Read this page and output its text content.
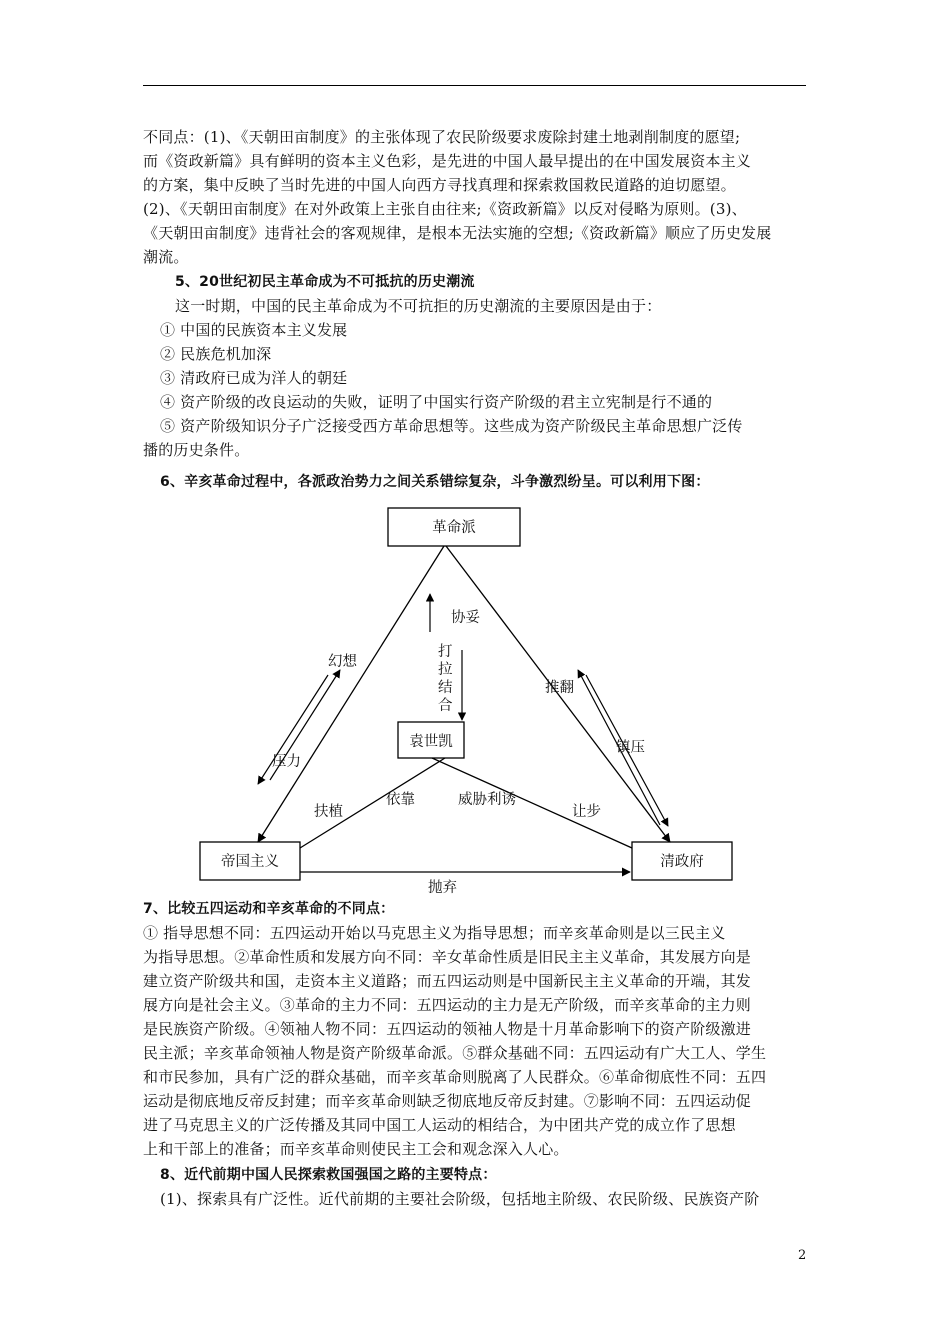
不同点：(1)、《天朝田亩制度》的主张体现了农民阶级要求废除封建土地剥削制度的愿望;
而《资政新篇》具有鲜明的资本主义色彩，是先进的中国人最早提出的在中国发展资本主义
的方案，集中反映了当时先进的中国人向西方寻找真理和探索救国救民道路的迫切愿望。
(2)、《天朝田亩制度》在对外政策上主张自由往来;《资政新篇》以反对侵略为原则。(3)、
《天朝田亩制度》违背社会的客观规律，是根本无法实施的空想;《资政新篇》顺应了历史发展
潮流。
5、20世纪初民主革命成为不可抵抗的历史潮流
这一时期，中国的民主革命成为不可抗拒的历史潮流的主要原因是由于：
① 中国的民族资本主义发展
② 民族危机加深
③ 清政府已成为洋人的朝廷
④ 资产阶级的改良运动的失败，证明了中国实行资产阶级的君主立宪制是行不通的
⑤ 资产阶级知识分子广泛接受西方革命思想等。这些成为资产阶级民主革命思想广泛传
播的历史条件。
6、辛亥革命过程中，各派政治势力之间关系错综复杂，斗争激烈纷呈。可以利用下图：
革命派
袁世凯
帝国主义	清政府
协妥
打
拉
结
合
幻想
压力
推翻
镇压
扶植
依靠	威胁利诱
让步
抛弃
7、比较五四运动和辛亥革命的不同点：
① 指导思想不同：五四运动开始以马克思主义为指导思想；而辛亥革命则是以三民主义
为指导思想。②革命性质和发展方向不同：辛女革命性质是旧民主主义革命，其发展方向是
建立资产阶级共和国，走资本主义道路；而五四运动则是中国新民主主义革命的开端，其发
展方向是社会主义。③革命的主力不同：五四运动的主力是无产阶级，而辛亥革命的主力则
是民族资产阶级。④领袖人物不同：五四运动的领袖人物是十月革命影响下的资产阶级激进
民主派；辛亥革命领袖人物是资产阶级革命派。⑤群众基础不同：五四运动有广大工人、学生
和市民参加，具有广泛的群众基础，而辛亥革命则脱离了人民群众。⑥革命彻底性不同：五四
运动是彻底地反帝反封建；而辛亥革命则缺乏彻底地反帝反封建。⑦影响不同：五四运动促
进了马克思主义的广泛传播及其同中国工人运动的相结合，为中团共产党的成立作了思想
上和干部上的准备；而辛亥革命则使民主工会和观念深入人心。
8、近代前期中国人民探索救国强国之路的主要特点：
(1)、探索具有广泛性。近代前期的主要社会阶级，包括地主阶级、农民阶级、民族资产阶
2
